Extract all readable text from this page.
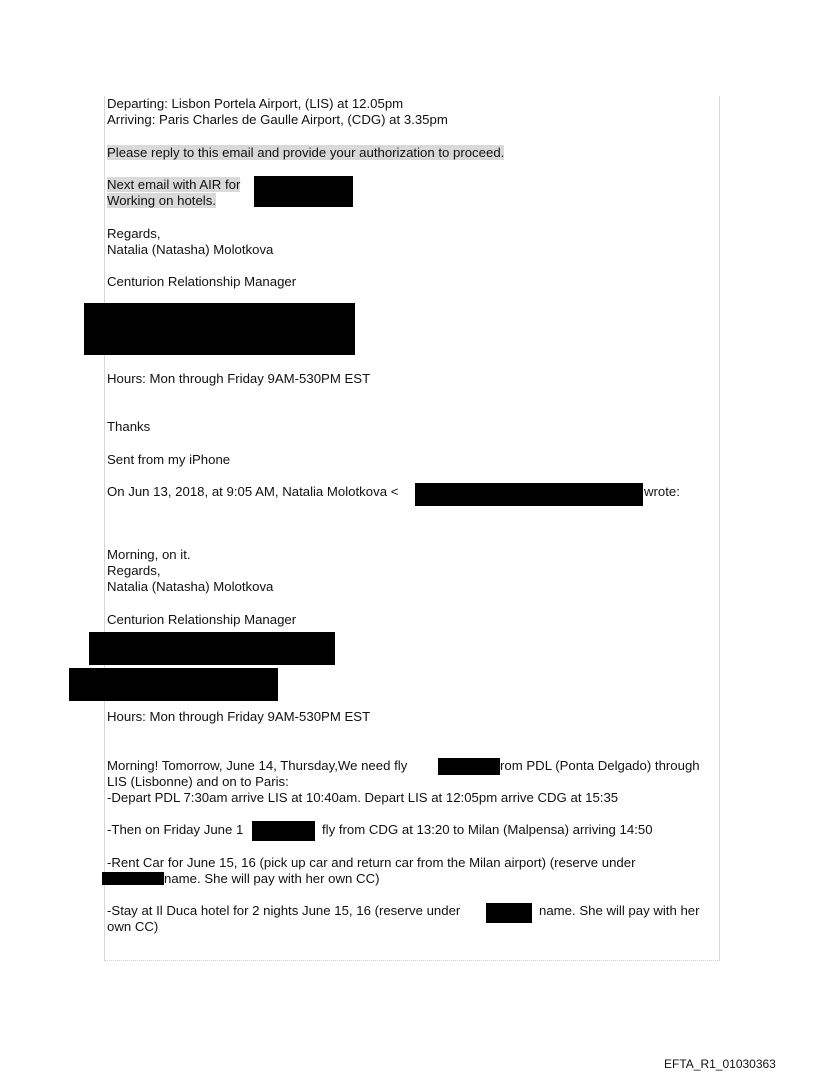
Departing: Lisbon Portela Airport, (LIS) at 12.05pm
Arriving: Paris Charles de Gaulle Airport, (CDG) at 3.35pm
Please reply to this email and provide your authorization to proceed.
Next email with AIR for
Working on hotels.
Regards,
Natalia (Natasha) Molotkova
Centurion Relationship Manager
Hours: Mon through Friday 9AM-530PM EST
Thanks
Sent from my iPhone
On Jun 13, 2018, at 9:05 AM, Natalia Molotkova <	wrote:
Morning, on it.
Regards,
Natalia (Natasha) Molotkova
Centurion Relationship Manager
Hours: Mon through Friday 9AM-530PM EST
Morning! Tomorrow, June 14, Thursday,We need fly	rom PDL (Ponta Delgado) through
LIS (Lisbonne) and on to Paris:
-Depart PDL 7:30am arrive LIS at 10:40am. Depart LIS at 12:05pm arrive CDG at 15:35
-Then on Friday June 1	fly from CDG at 13:20 to Milan (Malpensa) arriving 14:50
-Rent Car for June 15, 16 (pick up car and return car from the Milan airport) (reserve under
name. She will pay with her own CC)
-Stay at Il Duca hotel for 2 nights June 15, 16 (reserve under	name. She will pay with her
own CC)
EFTA_R1_01030363
